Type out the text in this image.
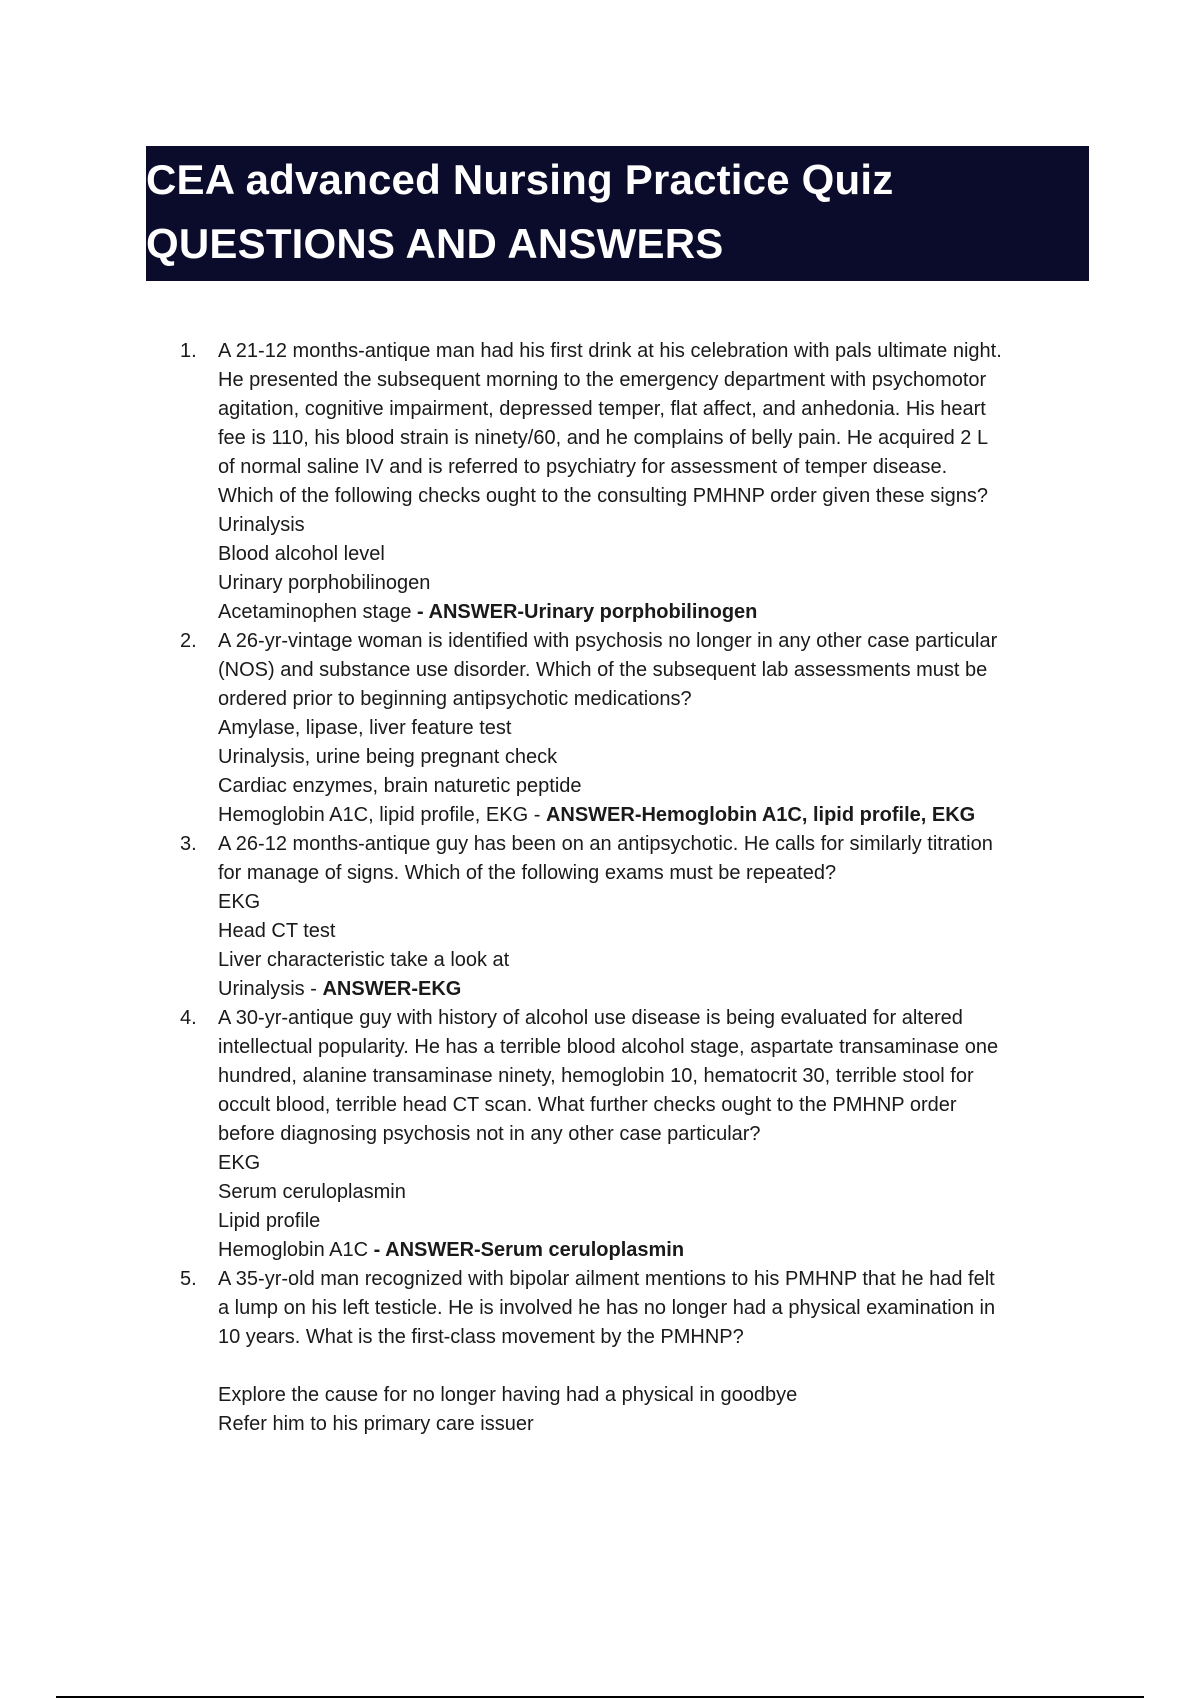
CEA advanced Nursing Practice Quiz
QUESTIONS AND ANSWERS
1. A 21-12 months-antique man had his first drink at his celebration with pals ultimate night.
He presented the subsequent morning to the emergency department with psychomotor
agitation, cognitive impairment, depressed temper, flat affect, and anhedonia. His heart
fee is 110, his blood strain is ninety/60, and he complains of belly pain. He acquired 2 L
of normal saline IV and is referred to psychiatry for assessment of temper disease.
Which of the following checks ought to the consulting PMHNP order given these signs?
Urinalysis
Blood alcohol level
Urinary porphobilinogen
Acetaminophen stage - ANSWER-Urinary porphobilinogen
2. A 26-yr-vintage woman is identified with psychosis no longer in any other case particular
(NOS) and substance use disorder. Which of the subsequent lab assessments must be
ordered prior to beginning antipsychotic medications?
Amylase, lipase, liver feature test
Urinalysis, urine being pregnant check
Cardiac enzymes, brain naturetic peptide
Hemoglobin A1C, lipid profile, EKG - ANSWER-Hemoglobin A1C, lipid profile, EKG
3. A 26-12 months-antique guy has been on an antipsychotic. He calls for similarly titration
for manage of signs. Which of the following exams must be repeated?
EKG
Head CT test
Liver characteristic take a look at
Urinalysis - ANSWER-EKG
4. A 30-yr-antique guy with history of alcohol use disease is being evaluated for altered
intellectual popularity. He has a terrible blood alcohol stage, aspartate transaminase one
hundred, alanine transaminase ninety, hemoglobin 10, hematocrit 30, terrible stool for
occult blood, terrible head CT scan. What further checks ought to the PMHNP order
before diagnosing psychosis not in any other case particular?
EKG
Serum ceruloplasmin
Lipid profile
Hemoglobin A1C - ANSWER-Serum ceruloplasmin
5. A 35-yr-old man recognized with bipolar ailment mentions to his PMHNP that he had felt
a lump on his left testicle. He is involved he has no longer had a physical examination in
10 years. What is the first-class movement by the PMHNP?
Explore the cause for no longer having had a physical in goodbye
Refer him to his primary care issuer
